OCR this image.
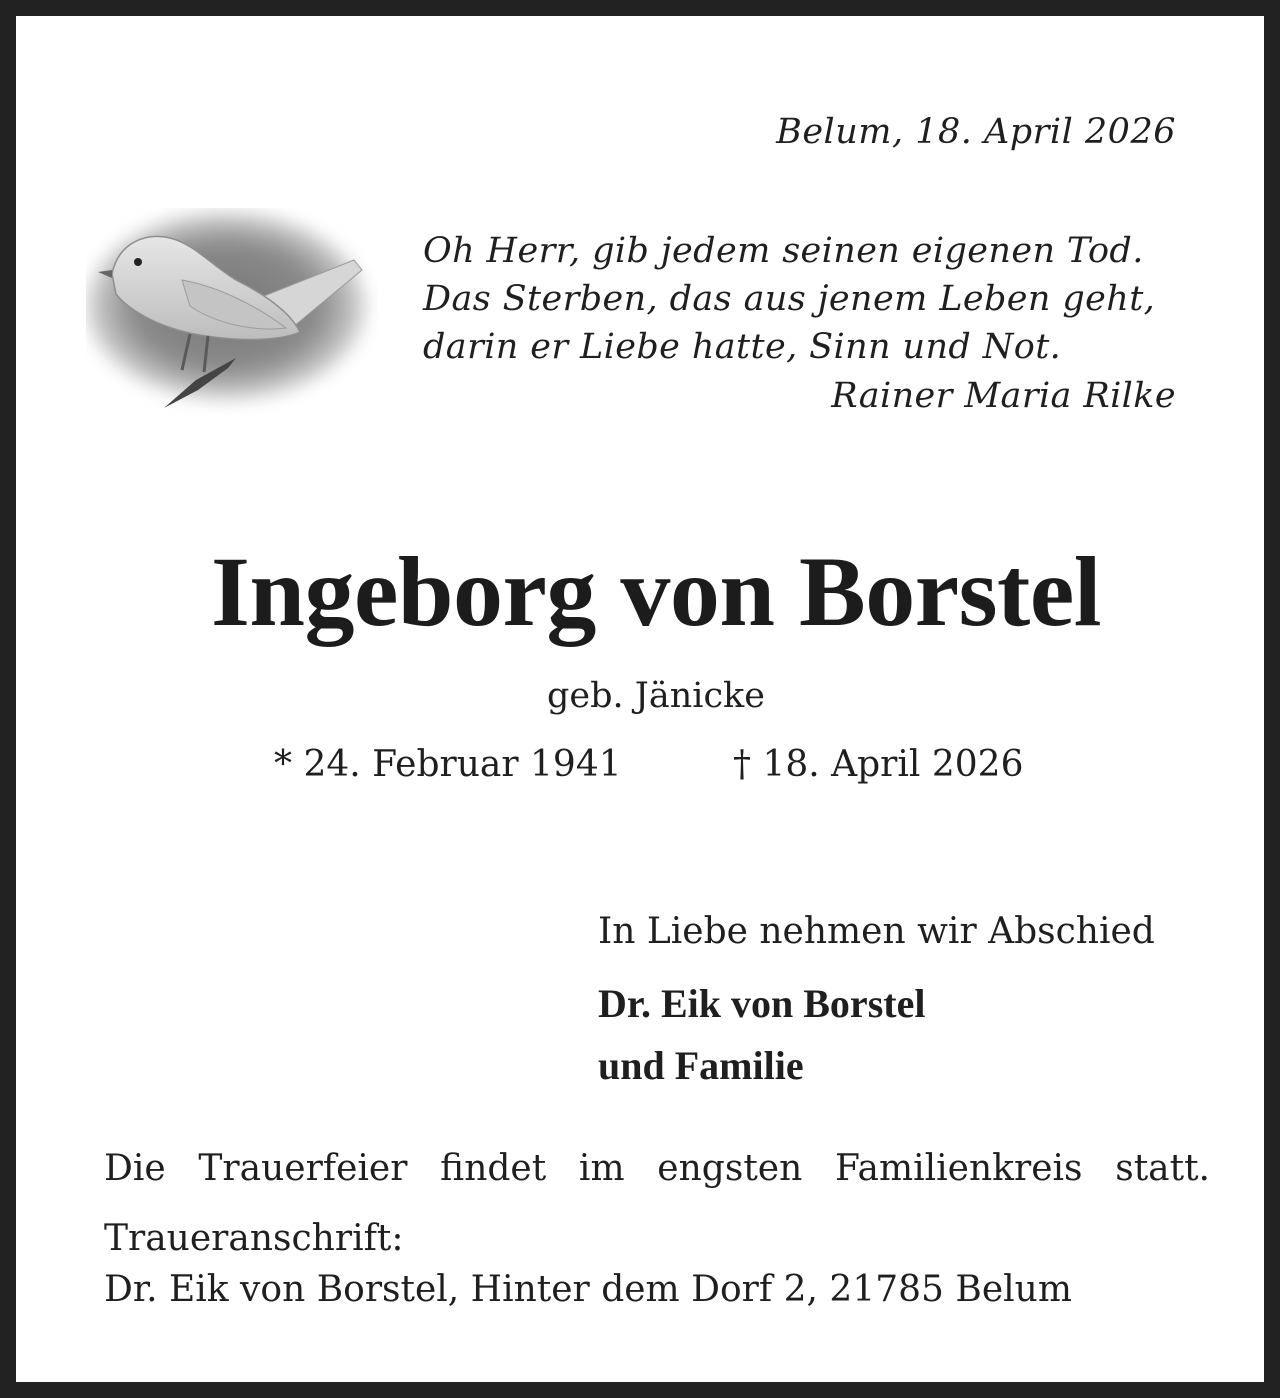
Belum, 18. April 2026
Oh Herr, gib jedem seinen eigenen Tod.
Das Sterben, das aus jenem Leben geht,
darin er Liebe hatte, Sinn und Not.
Rainer Maria Rilke
Ingeborg von Borstel
geb. Jänicke
* 24. Februar 1941	† 18. April 2026
In Liebe nehmen wir Abschied
Dr. Eik von Borstel
und Familie
Die Trauerfeier findet im engsten Familienkreis statt.
Traueranschrift:
Dr. Eik von Borstel, Hinter dem Dorf 2, 21785 Belum
